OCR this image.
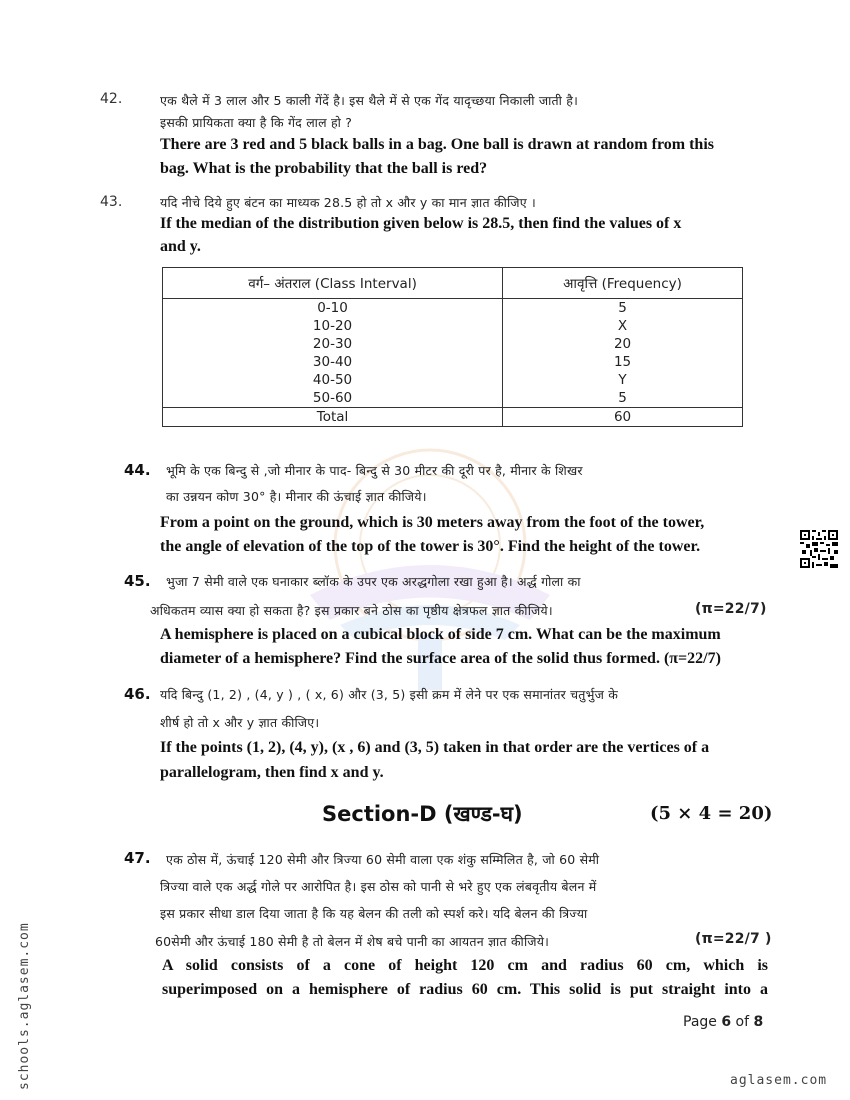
42.	एक थैले में 3 लाल और 5 काली गेंदें है। इस थैले में से एक गेंद यादृच्छया निकाली जाती है।
इसकी प्रायिकता क्या है कि गेंद लाल हो ?
There are 3 red and 5 black balls in a bag. One ball is drawn at random from this
bag. What is the probability that the ball is red?
43.	यदि नीचे दिये हुए बंटन का माध्यक 28.5 हो तो x और y का मान ज्ञात कीजिए ।
If the median of the distribution given below is 28.5, then find the values of x
and y.
वर्ग– अंतराल (Class Interval)	आवृत्ति (Frequency)
0-10	5
10-20	X
20-30	20
30-40	15
40-50	Y
50-60	5
Total	60
44. भूमि के एक बिन्दु से ,जो मीनार के पाद- बिन्दु से 30 मीटर की दूरी पर है, मीनार के शिखर
का उन्नयन कोण 30° है। मीनार की ऊंचाई ज्ञात कीजिये।
From a point on the ground, which is 30 meters away from the foot of the tower,
the angle of elevation of the top of the tower is 30°. Find the height of the tower.
45. भुजा 7 सेमी वाले एक घनाकार ब्लॉक के उपर एक अरद्धगोला रखा हुआ है। अर्द्ध गोला का
अधिकतम व्यास क्या हो सकता है? इस प्रकार बने ठोस का पृष्ठीय क्षेत्रफल ज्ञात कीजिये।	(π=22/7)
A hemisphere is placed on a cubical block of side 7 cm. What can be the maximum
diameter of a hemisphere? Find the surface area of the solid thus formed. (π=22/7)
46. यदि बिन्दु (1, 2) , (4, y ) , ( x, 6) और (3, 5) इसी क्रम में लेने पर एक समानांतर चतुर्भुज के
शीर्ष हो तो x और y ज्ञात कीजिए।
If the points (1, 2), (4, y), (x , 6) and (3, 5) taken in that order are the vertices of a
parallelogram, then find x and y.
Section-D (खण्ड-घ)	(5 × 4 = 20)
47. एक ठोस में, ऊंचाई 120 सेमी और त्रिज्या 60 सेमी वाला एक शंकु सम्मिलित है, जो 60 सेमी
त्रिज्या वाले एक अर्द्ध गोले पर आरोपित है। इस ठोस को पानी से भरे हुए एक लंबवृतीय बेलन में
इस प्रकार सीधा डाल दिया जाता है कि यह बेलन की तली को स्पर्श करे। यदि बेलन की त्रिज्या
60सेमी और ऊंचाई 180 सेमी है तो बेलन में शेष बचे पानी का आयतन ज्ञात कीजिये।	(π=22/7 )
A solid consists of a cone of height 120 cm and radius 60 cm, which is
superimposed on a hemisphere of radius 60 cm. This solid is put straight into a
Page 6 of 8
aglasem.com
schools.aglasem.com
